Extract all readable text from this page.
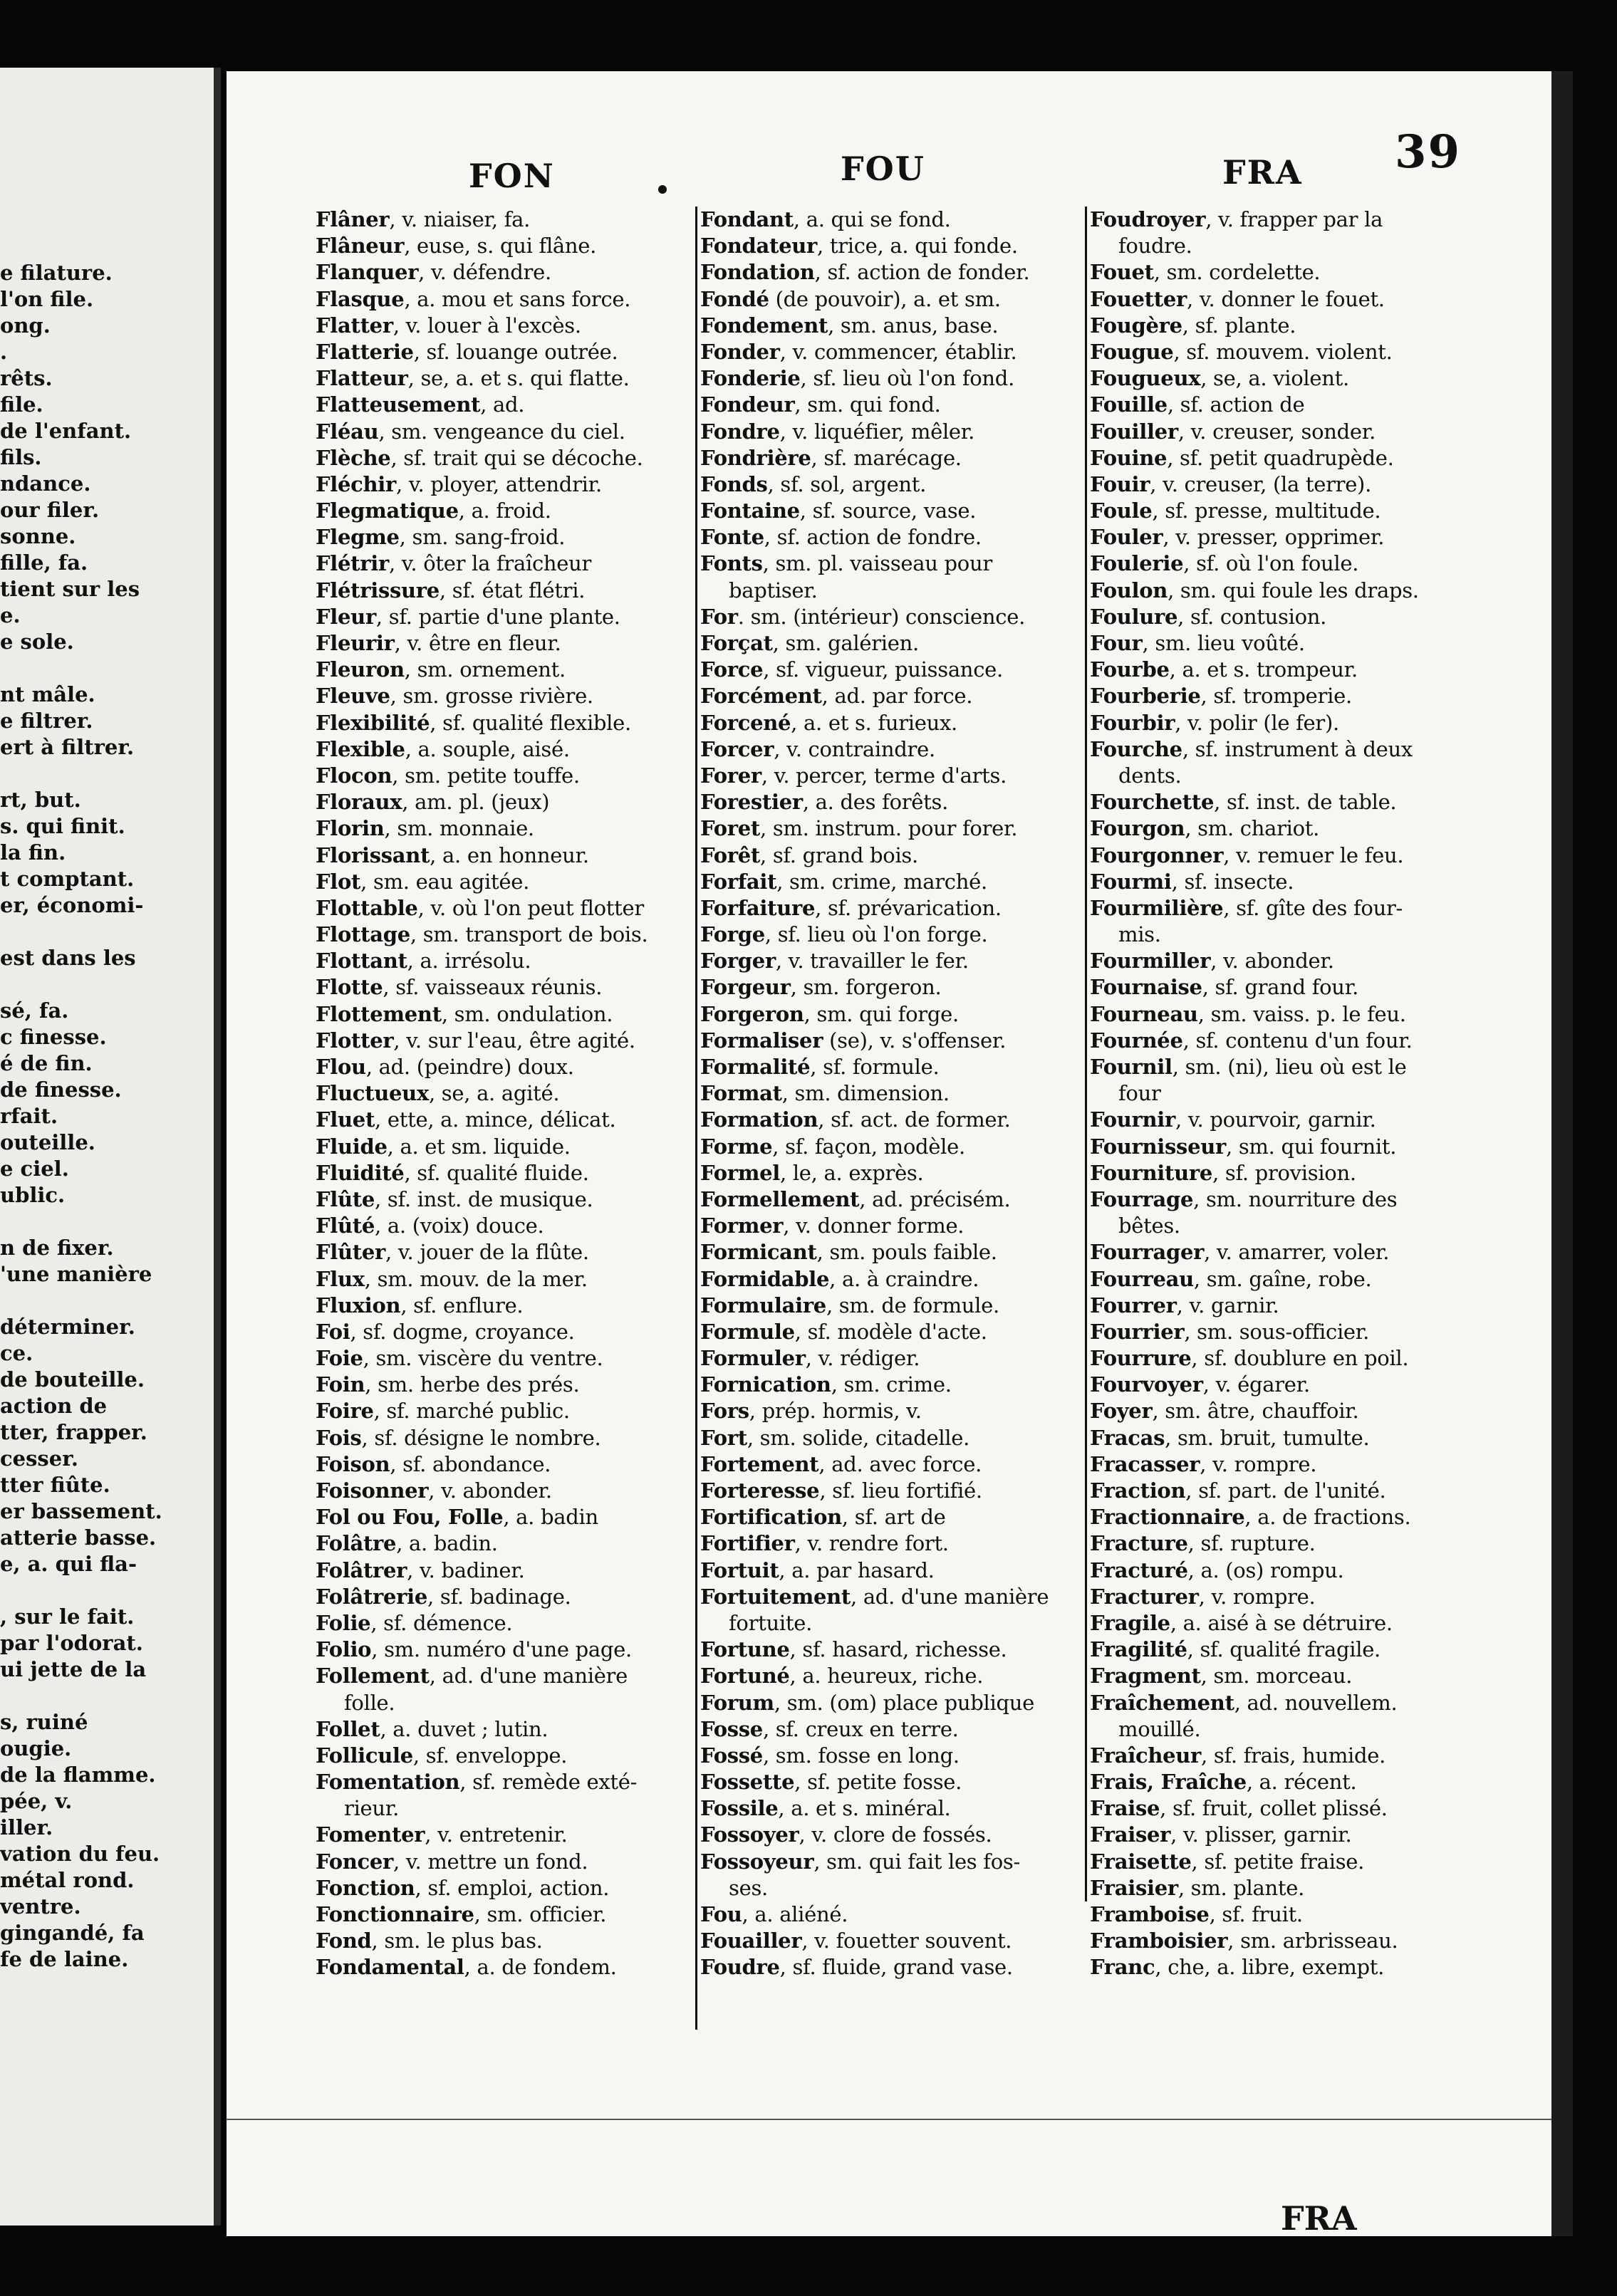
e filature.
l'on file.
ong.
.
rêts.
file.
de l'enfant.
fils.
ndance.
our filer.
sonne.
fille, fa.
tient sur les
e.
e sole.
nt mâle.
e filtrer.
ert à filtrer.
rt, but.
s. qui finit.
la fin.
t comptant.
er, économi-
est dans les
sé, fa.
c finesse.
é de fin.
de finesse.
rfait.
outeille.
e ciel.
ublic.
n de fixer.
'une manière
déterminer.
ce.
de bouteille.
action de
tter, frapper.
cesser.
tter fiûte.
er bassement.
atterie basse.
e, a. qui fla-
, sur le fait.
par l'odorat.
ui jette de la
s, ruiné
ougie.
de la flamme.
pée, v.
iller.
vation du feu.
métal rond.
ventre.
gingandé, fa
fe de laine.
FON	FOU	FRA 39
Flâner, v. niaiser, fa.
Flâneur, euse, s. qui flâne.
Flanquer, v. défendre.
Flasque, a. mou et sans force.
Flatter, v. louer à l'excès.
Flatterie, sf. louange outrée.
Flatteur, se, a. et s. qui flatte.
Flatteusement, ad.
Fléau, sm. vengeance du ciel.
Flèche, sf. trait qui se décoche.
Fléchir, v. ployer, attendrir.
Flegmatique, a. froid.
Flegme, sm. sang-froid.
Flétrir, v. ôter la fraîcheur
Flétrissure, sf. état flétri.
Fleur, sf. partie d'une plante.
Fleurir, v. être en fleur.
Fleuron, sm. ornement.
Fleuve, sm. grosse rivière.
Flexibilité, sf. qualité flexible.
Flexible, a. souple, aisé.
Flocon, sm. petite touffe.
Floraux, am. pl. (jeux)
Florin, sm. monnaie.
Florissant, a. en honneur.
Flot, sm. eau agitée.
Flottable, v. où l'on peut flotter
Flottage, sm. transport de bois.
Flottant, a. irrésolu.
Flotte, sf. vaisseaux réunis.
Flottement, sm. ondulation.
Flotter, v. sur l'eau, être agité.
Flou, ad. (peindre) doux.
Fluctueux, se, a. agité.
Fluet, ette, a. mince, délicat.
Fluide, a. et sm. liquide.
Fluidité, sf. qualité fluide.
Flûte, sf. inst. de musique.
Flûté, a. (voix) douce.
Flûter, v. jouer de la flûte.
Flux, sm. mouv. de la mer.
Fluxion, sf. enflure.
Foi, sf. dogme, croyance.
Foie, sm. viscère du ventre.
Foin, sm. herbe des prés.
Foire, sf. marché public.
Fois, sf. désigne le nombre.
Foison, sf. abondance.
Foisonner, v. abonder.
Fol ou Fou, Folle, a. badin
Folâtre, a. badin.
Folâtrer, v. badiner.
Folâtrerie, sf. badinage.
Folie, sf. démence.
Folio, sm. numéro d'une page.
Follement, ad. d'une manière
folle.
Follet, a. duvet ; lutin.
Follicule, sf. enveloppe.
Fomentation, sf. remède exté-
rieur.
Fomenter, v. entretenir.
Foncer, v. mettre un fond.
Fonction, sf. emploi, action.
Fonctionnaire, sm. officier.
Fond, sm. le plus bas.
Fondamental, a. de fondem.
Fondant, a. qui se fond.
Fondateur, trice, a. qui fonde.
Fondation, sf. action de fonder.
Fondé (de pouvoir), a. et sm.
Fondement, sm. anus, base.
Fonder, v. commencer, établir.
Fonderie, sf. lieu où l'on fond.
Fondeur, sm. qui fond.
Fondre, v. liquéfier, mêler.
Fondrière, sf. marécage.
Fonds, sf. sol, argent.
Fontaine, sf. source, vase.
Fonte, sf. action de fondre.
Fonts, sm. pl. vaisseau pour
baptiser.
For. sm. (intérieur) conscience.
Forçat, sm. galérien.
Force, sf. vigueur, puissance.
Forcément, ad. par force.
Forcené, a. et s. furieux.
Forcer, v. contraindre.
Forer, v. percer, terme d'arts.
Forestier, a. des forêts.
Foret, sm. instrum. pour forer.
Forêt, sf. grand bois.
Forfait, sm. crime, marché.
Forfaiture, sf. prévarication.
Forge, sf. lieu où l'on forge.
Forger, v. travailler le fer.
Forgeur, sm. forgeron.
Forgeron, sm. qui forge.
Formaliser (se), v. s'offenser.
Formalité, sf. formule.
Format, sm. dimension.
Formation, sf. act. de former.
Forme, sf. façon, modèle.
Formel, le, a. exprès.
Formellement, ad. précisém.
Former, v. donner forme.
Formicant, sm. pouls faible.
Formidable, a. à craindre.
Formulaire, sm. de formule.
Formule, sf. modèle d'acte.
Formuler, v. rédiger.
Fornication, sm. crime.
Fors, prép. hormis, v.
Fort, sm. solide, citadelle.
Fortement, ad. avec force.
Forteresse, sf. lieu fortifié.
Fortification, sf. art de
Fortifier, v. rendre fort.
Fortuit, a. par hasard.
Fortuitement, ad. d'une manière
fortuite.
Fortune, sf. hasard, richesse.
Fortuné, a. heureux, riche.
Forum, sm. (om) place publique
Fosse, sf. creux en terre.
Fossé, sm. fosse en long.
Fossette, sf. petite fosse.
Fossile, a. et s. minéral.
Fossoyer, v. clore de fossés.
Fossoyeur, sm. qui fait les fos-
ses.
Fou, a. aliéné.
Fouailler, v. fouetter souvent.
Foudre, sf. fluide, grand vase.
Foudroyer, v. frapper par la
foudre.
Fouet, sm. cordelette.
Fouetter, v. donner le fouet.
Fougère, sf. plante.
Fougue, sf. mouvem. violent.
Fougueux, se, a. violent.
Fouille, sf. action de
Fouiller, v. creuser, sonder.
Fouine, sf. petit quadrupède.
Fouir, v. creuser, (la terre).
Foule, sf. presse, multitude.
Fouler, v. presser, opprimer.
Foulerie, sf. où l'on foule.
Foulon, sm. qui foule les draps.
Foulure, sf. contusion.
Four, sm. lieu voûté.
Fourbe, a. et s. trompeur.
Fourberie, sf. tromperie.
Fourbir, v. polir (le fer).
Fourche, sf. instrument à deux
dents.
Fourchette, sf. inst. de table.
Fourgon, sm. chariot.
Fourgonner, v. remuer le feu.
Fourmi, sf. insecte.
Fourmilière, sf. gîte des four-
mis.
Fourmiller, v. abonder.
Fournaise, sf. grand four.
Fourneau, sm. vaiss. p. le feu.
Fournée, sf. contenu d'un four.
Fournil, sm. (ni), lieu où est le
four
Fournir, v. pourvoir, garnir.
Fournisseur, sm. qui fournit.
Fourniture, sf. provision.
Fourrage, sm. nourriture des
bêtes.
Fourrager, v. amarrer, voler.
Fourreau, sm. gaîne, robe.
Fourrer, v. garnir.
Fourrier, sm. sous-officier.
Fourrure, sf. doublure en poil.
Fourvoyer, v. égarer.
Foyer, sm. âtre, chauffoir.
Fracas, sm. bruit, tumulte.
Fracasser, v. rompre.
Fraction, sf. part. de l'unité.
Fractionnaire, a. de fractions.
Fracture, sf. rupture.
Fracturé, a. (os) rompu.
Fracturer, v. rompre.
Fragile, a. aisé à se détruire.
Fragilité, sf. qualité fragile.
Fragment, sm. morceau.
Fraîchement, ad. nouvellem.
mouillé.
Fraîcheur, sf. frais, humide.
Frais, Fraîche, a. récent.
Fraise, sf. fruit, collet plissé.
Fraiser, v. plisser, garnir.
Fraisette, sf. petite fraise.
Fraisier, sm. plante.
Framboise, sf. fruit.
Framboisier, sm. arbrisseau.
Franc, che, a. libre, exempt.
FRA
